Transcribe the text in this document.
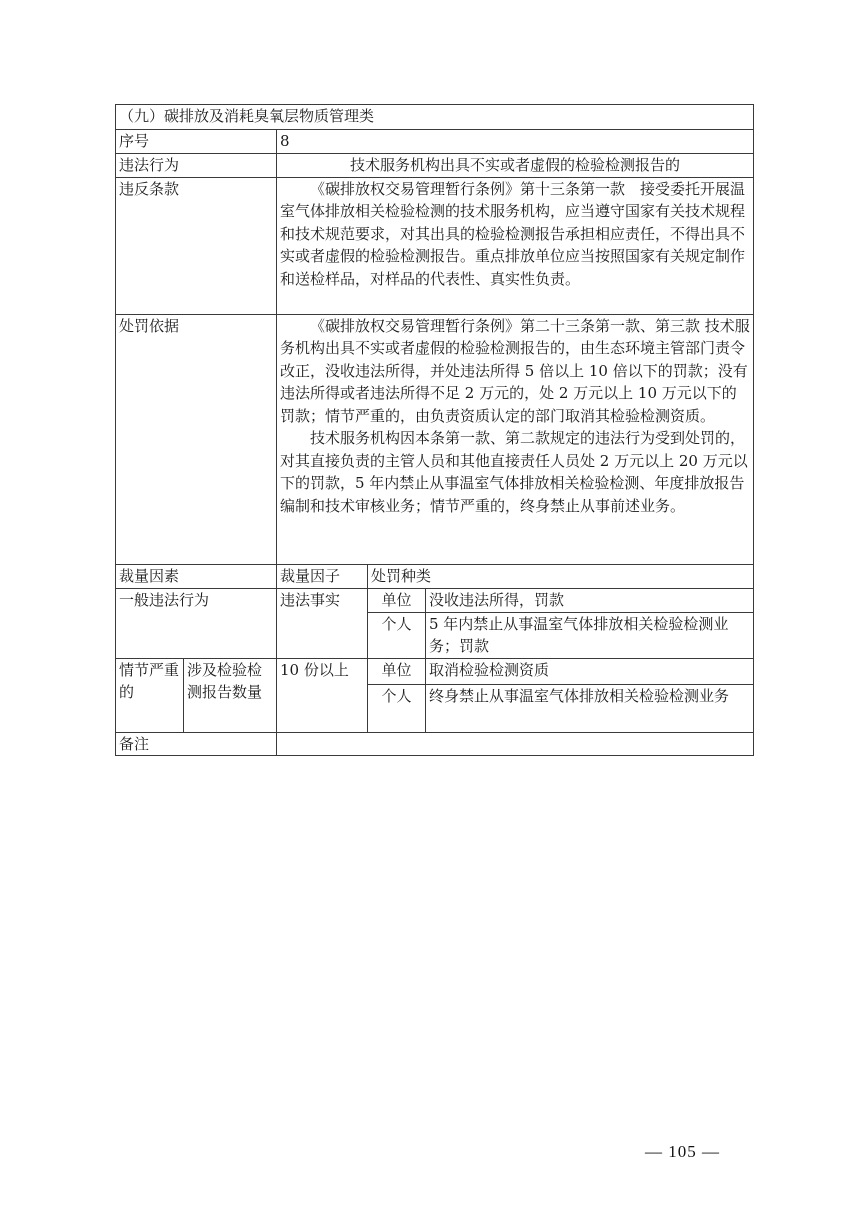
（九）碳排放及消耗臭氧层物质管理类				
序号		8		
违法行为		技术服务机构出具不实或者虚假的检验检测报告的		
违反条款		《碳排放权交易管理暂行条例》第十三条第一款　接受委托开展温室气体排放相关检验检测的技术服务机构，应当遵守国家有关技术规程和技术规范要求，对其出具的检验检测报告承担相应责任，不得出具不实或者虚假的检验检测报告。重点排放单位应当按照国家有关规定制作和送检样品，对样品的代表性、真实性负责。		
处罚依据		《碳排放权交易管理暂行条例》第二十三条第一款、第三款 技术服务机构出具不实或者虚假的检验检测报告的，由生态环境主管部门责令改正，没收违法所得，并处违法所得 5 倍以上 10 倍以下的罚款；没有违法所得或者违法所得不足 2 万元的，处 2 万元以上 10 万元以下的罚款；情节严重的，由负责资质认定的部门取消其检验检测资质。

技术服务机构因本条第一款、第二款规定的违法行为受到处罚的，对其直接负责的主管人员和其他直接责任人员处 2 万元以上 20 万元以下的罚款，5 年内禁止从事温室气体排放相关检验检测、年度排放报告编制和技术审核业务；情节严重的，终身禁止从事前述业务。		

裁量因素		裁量因子	处罚种类	
一般违法行为		违法事实	单位	没收违法所得，罚款
			个人	5 年内禁止从事温室气体排放相关检验检测业务；罚款
情节严重的	涉及检验检测报告数量	10 份以上	单位	取消检验检测资质
			个人	终身禁止从事温室气体排放相关检验检测业务
备注				
— 105 —
